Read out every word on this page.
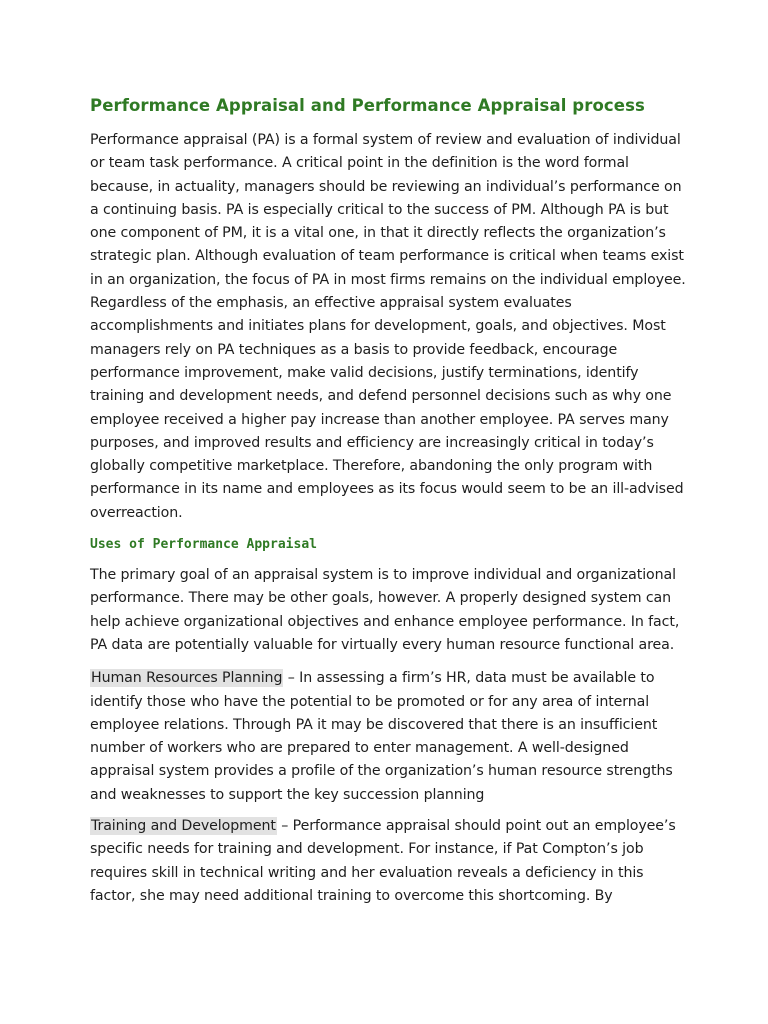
Performance Appraisal and Performance Appraisal process

Performance appraisal (PA) is a formal system of review and evaluation of individual or team task performance. A critical point in the definition is the word formal because, in actuality, managers should be reviewing an individual’s performance on a continuing basis. PA is especially critical to the success of PM. Although PA is but one component of PM, it is a vital one, in that it directly reflects the organization’s strategic plan. Although evaluation of team performance is critical when teams exist in an organization, the focus of PA in most firms remains on the individual employee. Regardless of the emphasis, an effective appraisal system evaluates accomplishments and initiates plans for development, goals, and objectives. Most managers rely on PA techniques as a basis to provide feedback, encourage performance improvement, make valid decisions, justify terminations, identify training and development needs, and defend personnel decisions such as why one employee received a higher pay increase than another employee. PA serves many purposes, and improved results and efficiency are increasingly critical in today’s globally competitive marketplace. Therefore, abandoning the only program with performance in its name and employees as its focus would seem to be an ill-advised overreaction.

Uses of Performance Appraisal

The primary goal of an appraisal system is to improve individual and organizational performance. There may be other goals, however. A properly designed system can help achieve organizational objectives and enhance employee performance. In fact, PA data are potentially valuable for virtually every human resource functional area.

Human Resources Planning – In assessing a firm’s HR, data must be available to identify those who have the potential to be promoted or for any area of internal employee relations. Through PA it may be discovered that there is an insufficient number of workers who are prepared to enter management. A well-designed appraisal system provides a profile of the organization’s human resource strengths and weaknesses to support the key succession planning

Training and Development – Performance appraisal should point out an employee’s specific needs for training and development. For instance, if Pat Compton’s job requires skill in technical writing and her evaluation reveals a deficiency in this factor, she may need additional training to overcome this shortcoming. By
